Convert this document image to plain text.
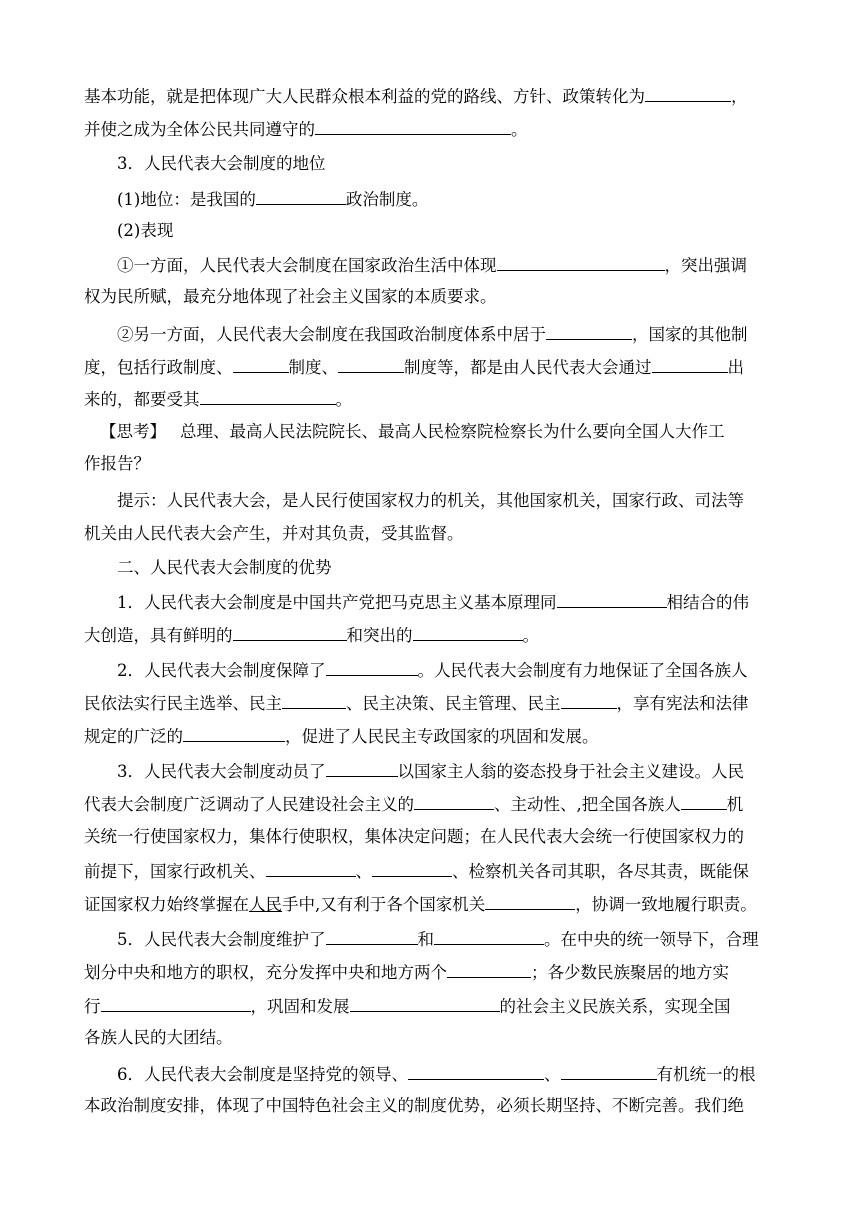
基本功能，就是把体现广大人民群众根本利益的党的路线、方针、政策转化为	，
并使之成为全体公民共同遵守的	。
3．人民代表大会制度的地位
(1)地位：是我国的	政治制度。
(2)表现
①一方面，人民代表大会制度在国家政治生活中体现	，突出强调
权为民所赋，最充分地体现了社会主义国家的本质要求。
②另一方面，人民代表大会制度在我国政治制度体系中居于	，国家的其他制
度，包括行政制度、	制度、	制度等，都是由人民代表大会通过	出
来的，都要受其	。
【思考】 总理、最高人民法院院长、最高人民检察院检察长为什么要向全国人大作工
作报告？
提示：人民代表大会，是人民行使国家权力的机关，其他国家机关，国家行政、司法等
机关由人民代表大会产生，并对其负责，受其监督。
二、人民代表大会制度的优势
1．人民代表大会制度是中国共产党把马克思主义基本原理同	相结合的伟
大创造，具有鲜明的	和突出的	。
2．人民代表大会制度保障了	。人民代表大会制度有力地保证了全国各族人
民依法实行民主选举、民主	、民主决策、民主管理、民主	，享有宪法和法律
规定的广泛的	，促进了人民民主专政国家的巩固和发展。
3．人民代表大会制度动员了	以国家主人翁的姿态投身于社会主义建设。人民
代表大会制度广泛调动了人民建设社会主义的	、主动性、,把全国各族人	机
关统一行使国家权力，集体行使职权，集体决定问题；在人民代表大会统一行使国家权力的
前提下，国家行政机关、	、	、检察机关各司其职，各尽其责，既能保
证国家权力始终掌握在人民手中,又有利于各个国家机关	，协调一致地履行职责。
5．人民代表大会制度维护了	和	。在中央的统一领导下，合理
划分中央和地方的职权，充分发挥中央和地方两个	；各少数民族聚居的地方实
行	，巩固和发展	的社会主义民族关系，实现全国
各族人民的大团结。
6．人民代表大会制度是坚持党的领导、	、	有机统一的根
本政治制度安排，体现了中国特色社会主义的制度优势，必须长期坚持、不断完善。我们绝
